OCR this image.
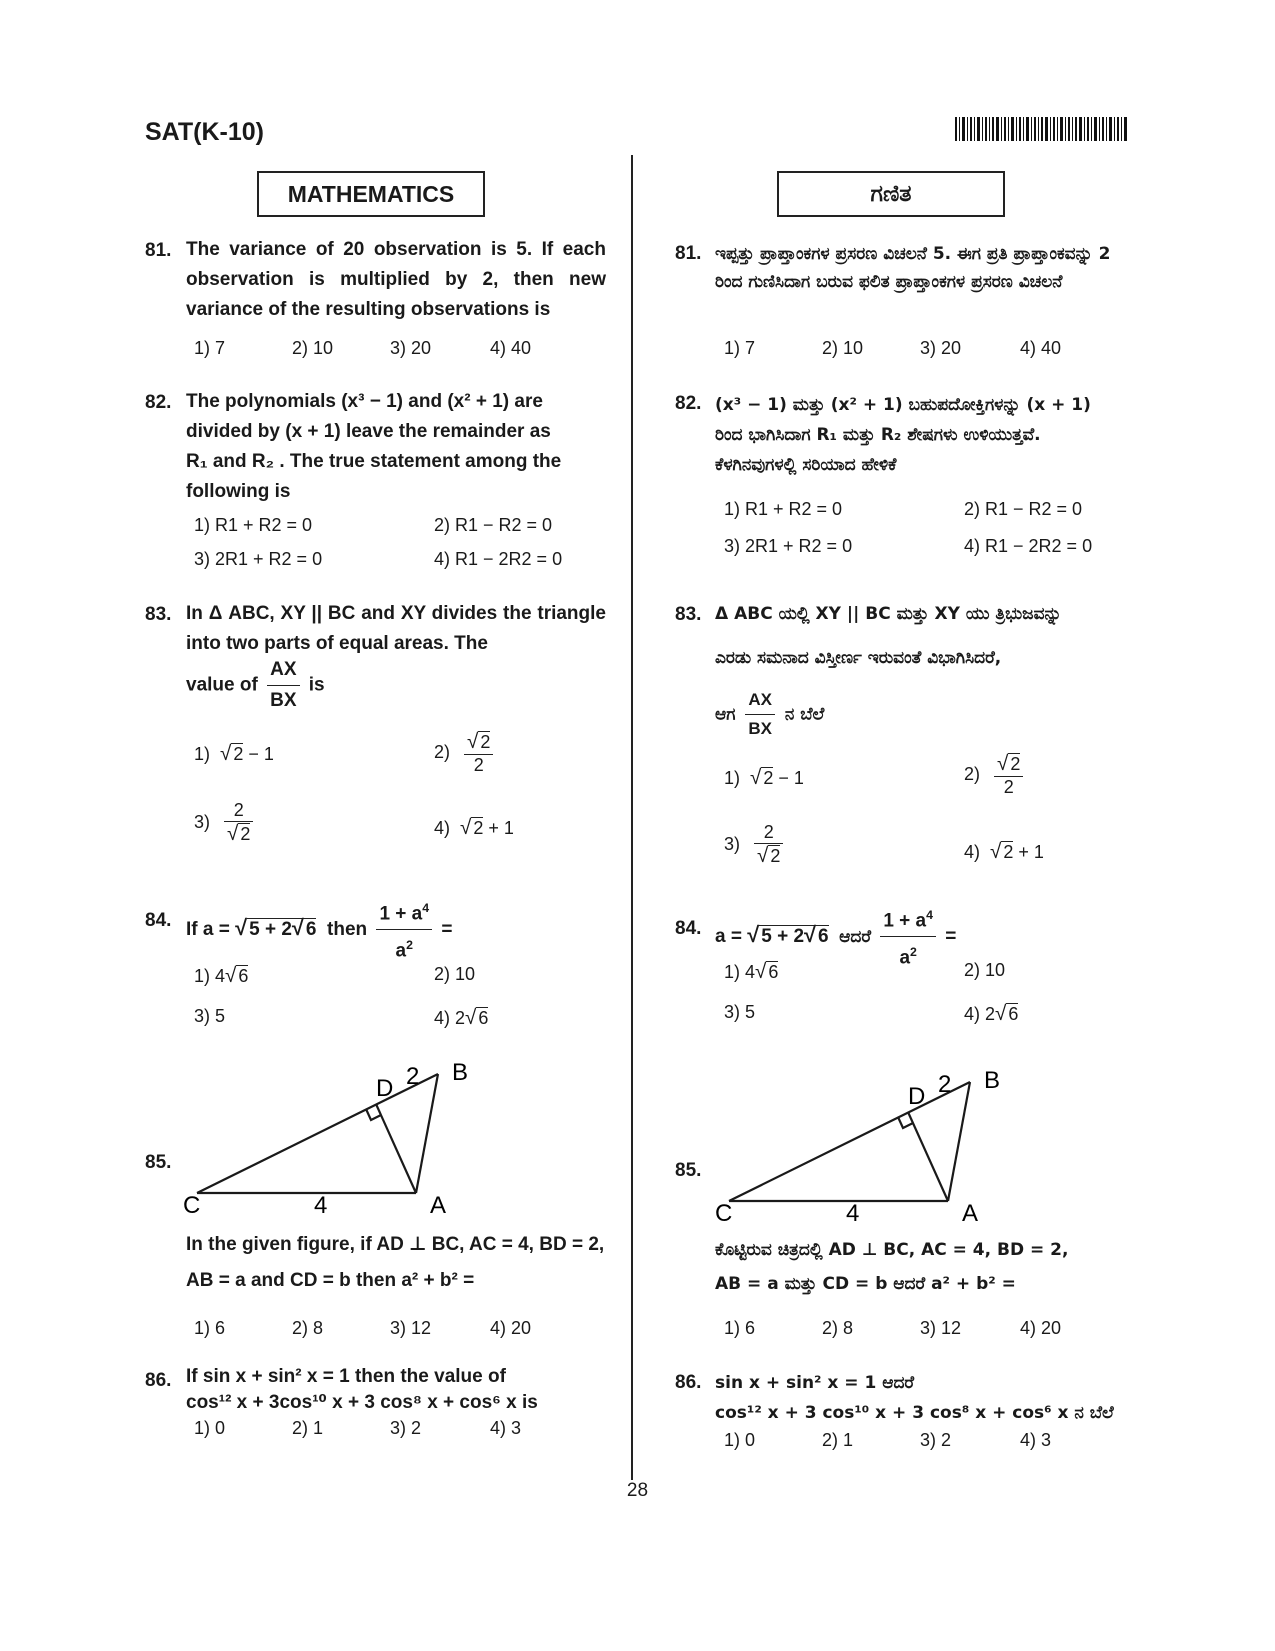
SAT(K-10)
MATHEMATICS
81. The variance of 20 observation is 5. If each observation is multiplied by 2, then new variance of the resulting observations is
1) 7	2) 10	3) 20	4) 40
82. The polynomials (x³ − 1) and (x² + 1) are
divided by (x + 1) leave the remainder as
R₁ and R₂ . The true statement among the
following is
1) R1 + R2 = 0	2) R1 − R2 = 0
3) 2R1 + R2 = 0	4) R1 − 2R2 = 0
83. In Δ ABC, XY || BC and XY divides the triangle into two parts of equal areas. The
value of $\frac{AX}{BX}$ is
1)  √ 2 − 1	$2) \frac{√ 2}{2}$
$3) \frac{2}{√ 2}$	4)  √ 2 + 1
84. If a = √ 5 + 2√ 6 then $\frac{1 + a^4}{a^2}$ =
1) 4√ 6	2) 10
3) 5	4) 2√ 6
85.
C	4	A
B
D 2
In the given figure, if AD ⊥ BC, AC = 4, BD = 2,
AB = a and CD = b then a² + b² =
1) 6	2) 8	3) 12	4) 20
86. If sin x + sin² x = 1 then the value of
cos¹² x + 3cos¹⁰ x + 3 cos⁸ x + cos⁶ x is
1) 0	2) 1	3) 2	4) 3
ಗಣಿತ
81. ಇಪ್ಪತ್ತು ಪ್ರಾಪ್ತಾಂಕಗಳ ಪ್ರಸರಣ ವಿಚಲನೆ 5. ಈಗ ಪ್ರತಿ ಪ್ರಾಪ್ತಾಂಕವನ್ನು 2 ರಿಂದ ಗುಣಿಸಿದಾಗ ಬರುವ ಫಲಿತ ಪ್ರಾಪ್ತಾಂಕಗಳ ಪ್ರಸರಣ ವಿಚಲನೆ
1) 7	2) 10	3) 20	4) 40
82. (x³ − 1) ಮತ್ತು (x² + 1) ಬಹುಪದೋಕ್ತಿಗಳನ್ನು (x + 1)
ರಿಂದ ಭಾಗಿಸಿದಾಗ R₁ ಮತ್ತು R₂ ಶೇಷಗಳು ಉಳಿಯುತ್ತವೆ.
ಕೆಳಗಿನವುಗಳಲ್ಲಿ ಸರಿಯಾದ ಹೇಳಿಕೆ
1) R1 + R2 = 0	2) R1 − R2 = 0
3) 2R1 + R2 = 0	4) R1 − 2R2 = 0
83. Δ ABC ಯಲ್ಲಿ XY || BC ಮತ್ತು XY ಯು ತ್ರಿಭುಜವನ್ನು
ಎರಡು ಸಮನಾದ ವಿಸ್ತೀರ್ಣ ಇರುವಂತೆ ವಿಭಾಗಿಸಿದರೆ,
ಆಗ $\frac{AX}{BX}$ ನ ಬೆಲೆ
1)  √ 2 − 1	$2) \frac{√ 2}{2}$
$3) \frac{2}{√ 2}$	4)  √ 2 + 1
84. a = √ 5 + 2√ 6 ಆದರೆ $\frac{1 + a^4}{a^2}$ =
1) 4√ 6	2) 10
3) 5	4) 2√ 6
85.
C	4	A
B
D 2
ಕೊಟ್ಟಿರುವ ಚಿತ್ರದಲ್ಲಿ AD ⊥ BC, AC = 4, BD = 2,
AB = a ಮತ್ತು CD = b ಆದರೆ a² + b² =
1) 6	2) 8	3) 12	4) 20
86. sin x + sin² x = 1 ಆದರೆ
cos¹² x + 3 cos¹⁰ x + 3 cos⁸ x + cos⁶ x ನ ಬೆಲೆ
1) 0	2) 1	3) 2	4) 3
28
